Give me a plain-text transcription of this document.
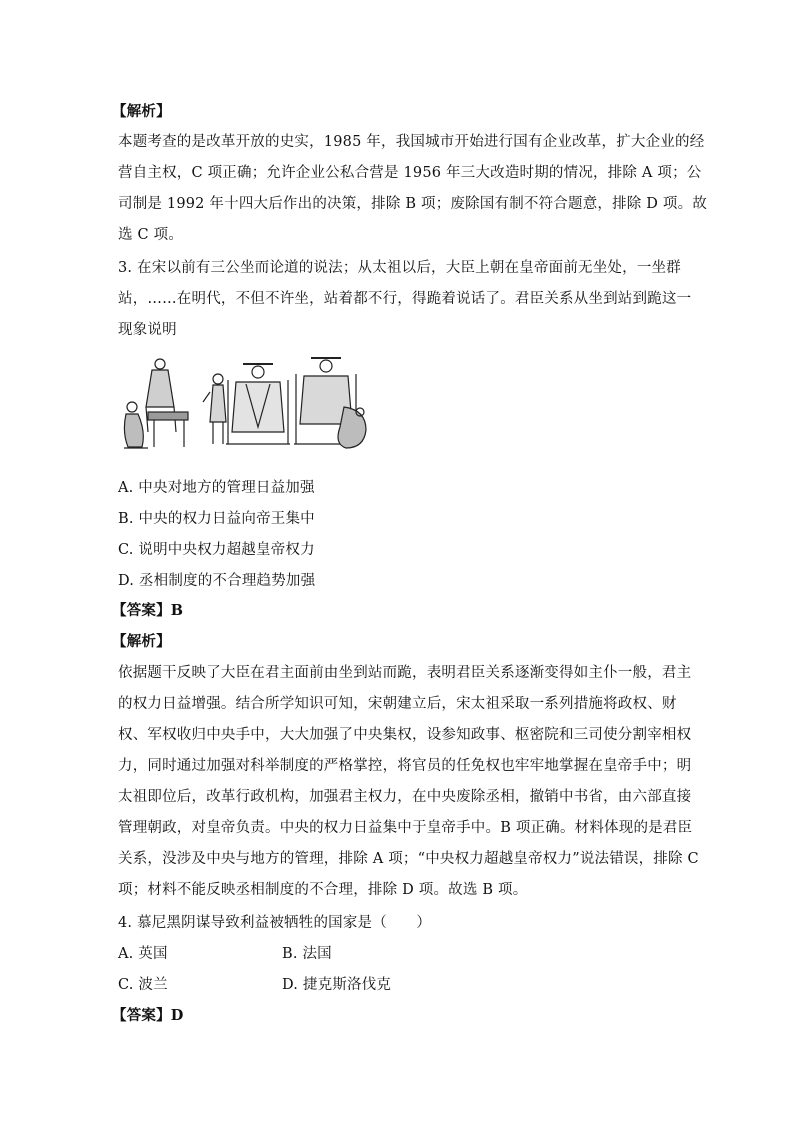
【解析】
本题考查的是改革开放的史实，1985 年，我国城市开始进行国有企业改革，扩大企业的经
营自主权，C 项正确；允许企业公私合营是 1956 年三大改造时期的情况，排除 A 项；公
司制是 1992 年十四大后作出的决策，排除 B 项；废除国有制不符合题意，排除 D 项。故
选 C 项。
3. 在宋以前有三公坐而论道的说法；从太祖以后，大臣上朝在皇帝面前无坐处，一坐群
站，……在明代，不但不许坐，站着都不行，得跪着说话了。君臣关系从坐到站到跪这一
现象说明
A. 中央对地方的管理日益加强
B. 中央的权力日益向帝王集中
C. 说明中央权力超越皇帝权力
D. 丞相制度的不合理趋势加强
【答案】B
【解析】
依据题干反映了大臣在君主面前由坐到站而跪，表明君臣关系逐渐变得如主仆一般，君主
的权力日益增强。结合所学知识可知，宋朝建立后，宋太祖采取一系列措施将政权、财
权、军权收归中央手中，大大加强了中央集权，设参知政事、枢密院和三司使分割宰相权
力，同时通过加强对科举制度的严格掌控，将官员的任免权也牢牢地掌握在皇帝手中；明
太祖即位后，改革行政机构，加强君主权力，在中央废除丞相，撤销中书省，由六部直接
管理朝政，对皇帝负责。中央的权力日益集中于皇帝手中。B 项正确。材料体现的是君臣
关系，没涉及中央与地方的管理，排除 A 项；“中央权力超越皇帝权力”说法错误，排除 C
项；材料不能反映丞相制度的不合理，排除 D 项。故选 B 项。
4. 慕尼黑阴谋导致利益被牺牲的国家是（　　）
A. 英国	B. 法国
C. 波兰	D. 捷克斯洛伐克
【答案】D
